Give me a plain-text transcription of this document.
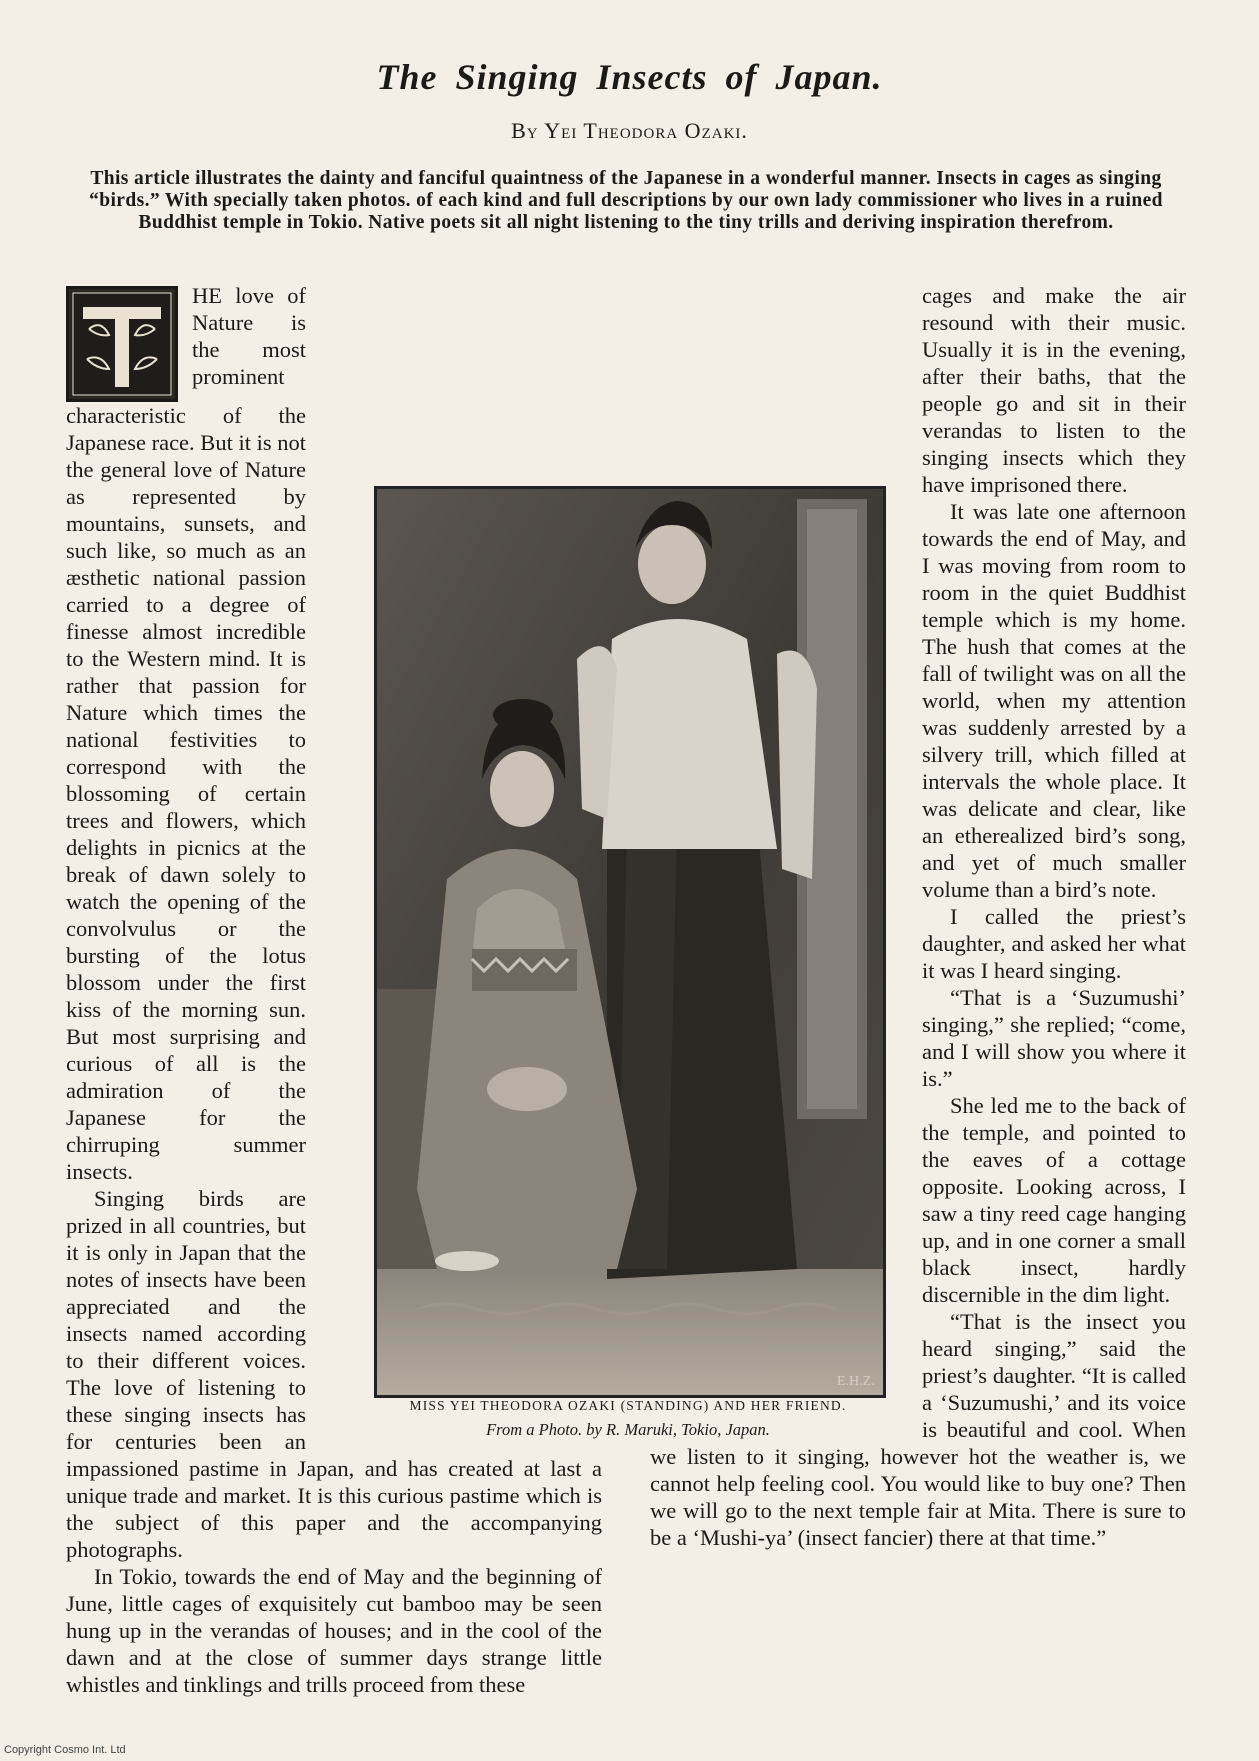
The Singing Insects of Japan.
By Yei Theodora Ozaki.
This article illustrates the dainty and fanciful quaintness of the Japanese in a wonderful manner. Insects in cages as singing “birds.” With specially taken photos. of each kind and full descriptions by our own lady commissioner who lives in a ruined Buddhist temple in Tokio. Native poets sit all night listening to the tiny trills and deriving inspiration therefrom.

HE love of Nature is the most prominent characteristic of the Japanese race. But it is not the general love of Nature as represented by mountains, sunsets, and such like, so much as an æsthetic national passion carried to a degree of finesse almost incredible to the Western mind. It is rather that passion for Nature which times the national festivities to correspond with the blossoming of certain trees and flowers, which delights in picnics at the break of dawn solely to watch the opening of the convolvulus or the bursting of the lotus blossom under the first kiss of the morning sun. But most surprising and curious of all is the admiration of the Japanese for the chirruping summer insects.

Singing birds are prized in all countries, but it is only in Japan that the notes of insects have been appreciated and the insects named according to their different voices. The love of listening to these singing insects has for centuries been an impassioned pastime in Japan, and has created at last a unique trade and market. It is this curious pastime which is the subject of this paper and the accompanying photographs.

In Tokio, towards the end of May and the beginning of June, little cages of exquisitely cut bamboo may be seen hung up in the verandas of houses; and in the cool of the dawn and at the close of summer days strange little whistles and tinklings and trills proceed from these

cages and make the air resound with their music. Usually it is in the evening, after their baths, that the people go and sit in their verandas to listen to the singing insects which they have imprisoned there.

It was late one afternoon towards the end of May, and I was moving from room to room in the quiet Buddhist temple which is my home. The hush that comes at the fall of twilight was on all the world, when my attention was suddenly arrested by a silvery trill, which filled at intervals the whole place. It was delicate and clear, like an etherealized bird’s song, and yet of much smaller volume than a bird’s note.

I called the priest’s daughter, and asked her what it was I heard singing.

“That is a ‘Suzumushi’ singing,” she replied; “come, and I will show you where it is.”

She led me to the back of the temple, and pointed to the eaves of a cottage opposite. Looking across, I saw a tiny reed cage hanging up, and in one corner a small black insect, hardly discernible in the dim light.

“That is the insect you heard singing,” said the priest’s daughter. “It is called a ‘Suzumushi,’ and its voice is beautiful and cool. When we listen to it singing, however hot the weather is, we cannot help feeling cool. You would like to buy one? Then we will go to the next temple fair at Mita. There is sure to be a ‘Mushi-ya’ (insect fancier) there at that time.”

E.H.Z.
MISS YEI THEODORA OZAKI (STANDING) AND HER FRIEND.
From a Photo. by R. Maruki, Tokio, Japan.
Copyright Cosmo Int. Ltd
